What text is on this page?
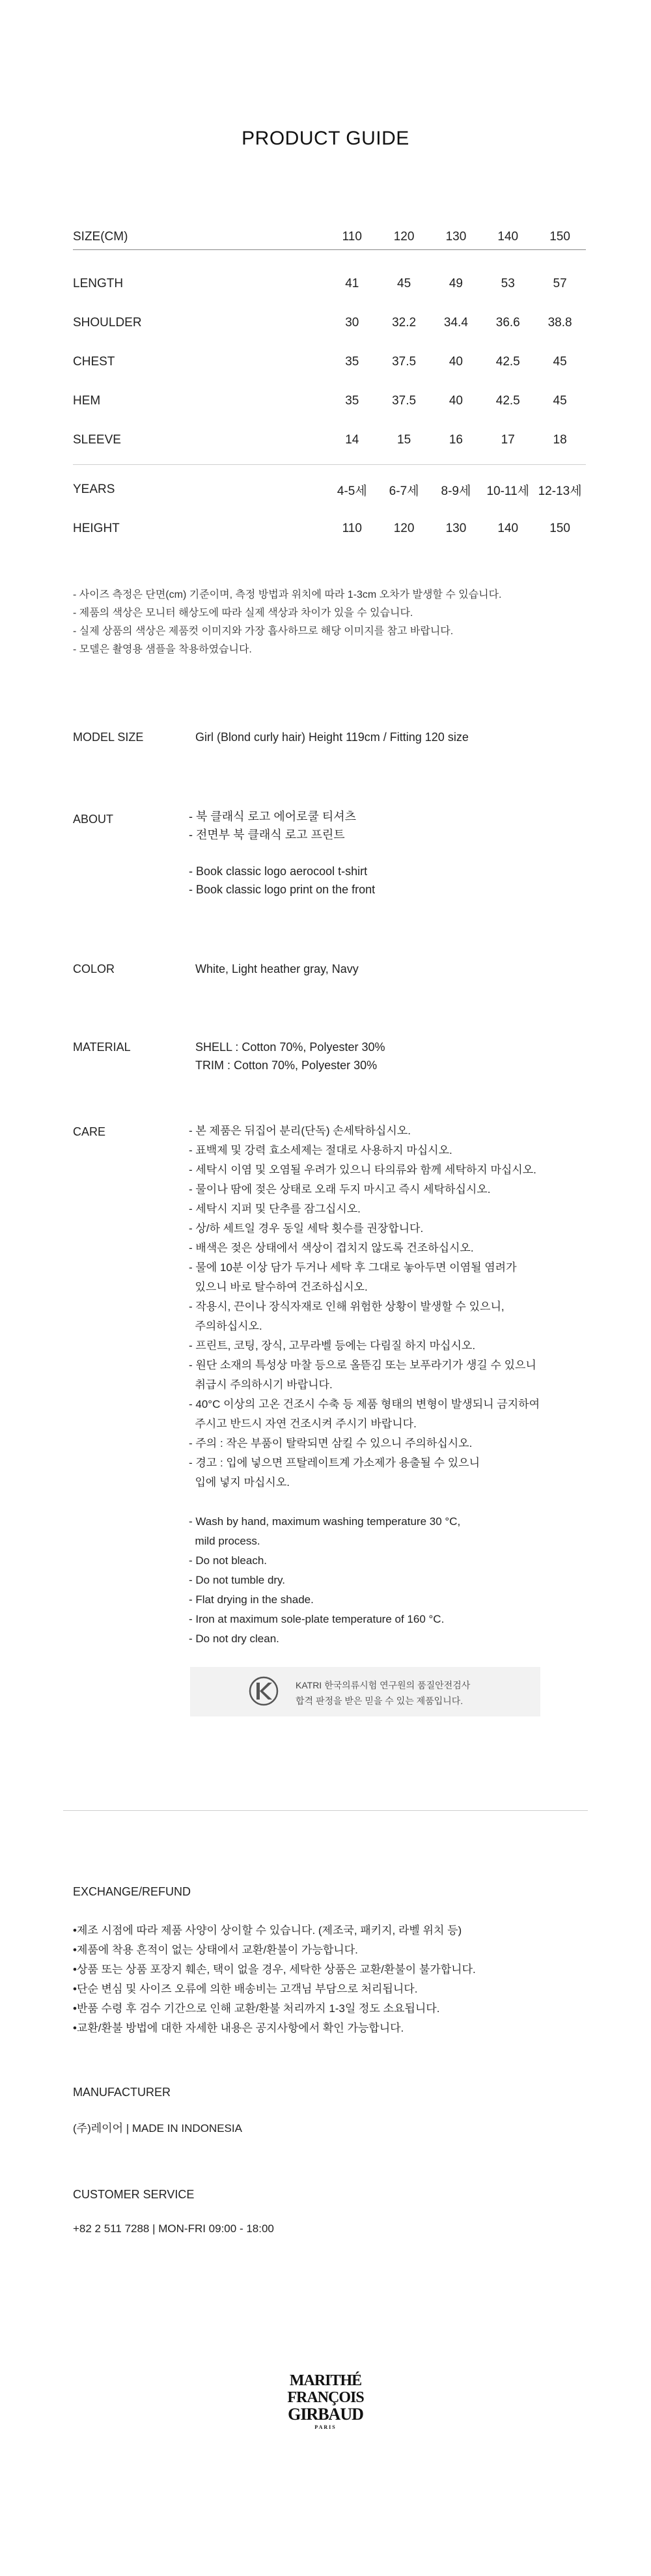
PRODUCT GUIDE
SIZE(CM)	110	120	130	140	150

LENGTH	41	45	49	53	57
SHOULDER	30	32.2	34.4	36.6	38.8
CHEST	35	37.5	40	42.5	45
HEM	35	37.5	40	42.5	45
SLEEVE	14	15	16	17	18

YEARS	4-5세	6-7세	8-9세	10-11세	12-13세
HEIGHT	110	120	130	140	150
- 사이즈 측정은 단면(cm) 기준이며, 측정 방법과 위치에 따라 1-3cm 오차가 발생할 수 있습니다.
- 제품의 색상은 모니터 해상도에 따라 실제 색상과 차이가 있을 수 있습니다.
- 실제 상품의 색상은 제품컷 이미지와 가장 흡사하므로 해당 이미지를 참고 바랍니다.
- 모델은 촬영용 샘플을 착용하였습니다.
MODEL SIZE	Girl (Blond curly hair) Height 119cm / Fitting 120 size
ABOUT	- 북 클래식 로고 에어로쿨 티셔츠
- 전면부 북 클래식 로고 프린트
- Book classic logo aerocool t-shirt
- Book classic logo print on the front
COLOR	White, Light heather gray, Navy
MATERIAL	SHELL : Cotton 70%, Polyester 30%
TRIM : Cotton 70%, Polyester 30%
CARE	- 본 제품은 뒤집어 분리(단독) 손세탁하십시오.
- 표백제 및 강력 효소세제는 절대로 사용하지 마십시오.
- 세탁시 이염 및 오염될 우려가 있으니 타의류와 함께 세탁하지 마십시오.
- 물이나 땀에 젖은 상태로 오래 두지 마시고 즉시 세탁하십시오.
- 세탁시 지퍼 및 단추를 잠그십시오.
- 상/하 세트일 경우 동일 세탁 횟수를 권장합니다.
- 배색은 젖은 상태에서 색상이 겹치지 않도록 건조하십시오.
- 물에 10분 이상 담가 두거나 세탁 후 그대로 놓아두면 이염될 염려가
있으니 바로 탈수하여 건조하십시오.
- 작용시, 끈이나 장식자재로 인해 위험한 상황이 발생할 수 있으니,
주의하십시오.
- 프린트, 코팅, 장식, 고무라벨 등에는 다림질 하지 마십시오.
- 원단 소재의 특성상 마찰 등으로 올뜯김 또는 보푸라기가 생길 수 있으니
취급시 주의하시기 바랍니다.
- 40°C 이상의 고온 건조시 수축 등 제품 형태의 변형이 발생되니 금지하여
주시고 반드시 자연 건조시켜 주시기 바랍니다.
- 주의 : 작은 부품이 탈락되면 삼킬 수 있으니 주의하십시오.
- 경고 : 입에 넣으면 프탈레이트계 가소제가 용출될 수 있으니
입에 넣지 마십시오.
- Wash by hand, maximum washing temperature 30 °C,
mild process.
- Do not bleach.
- Do not tumble dry.
- Flat drying in the shade.
- Iron at maximum sole-plate temperature of 160 °C.
- Do not dry clean.
KATRI 한국의류시험 연구원의 품질안전검사
합격 판정을 받은 믿을 수 있는 제품입니다.
EXCHANGE/REFUND
•제조 시점에 따라 제품 사양이 상이할 수 있습니다. (제조국, 패키지, 라벨 위치 등)
•제품에 착용 흔적이 없는 상태에서 교환/환불이 가능합니다.
•상품 또는 상품 포장지 훼손, 택이 없을 경우, 세탁한 상품은 교환/환불이 불가합니다.
•단순 변심 및 사이즈 오류에 의한 배송비는 고객님 부담으로 처리됩니다.
•반품 수령 후 검수 기간으로 인해 교환/환불 처리까지 1-3일 정도 소요됩니다.
•교환/환불 방법에 대한 자세한 내용은 공지사항에서 확인 가능합니다.
MANUFACTURER
(주)레이어 | MADE IN INDONESIA
CUSTOMER SERVICE
+82 2 511 7288 | MON-FRI 09:00 - 18:00
MARITHÉ
FRANÇOIS
GIRBAUD
PARIS
